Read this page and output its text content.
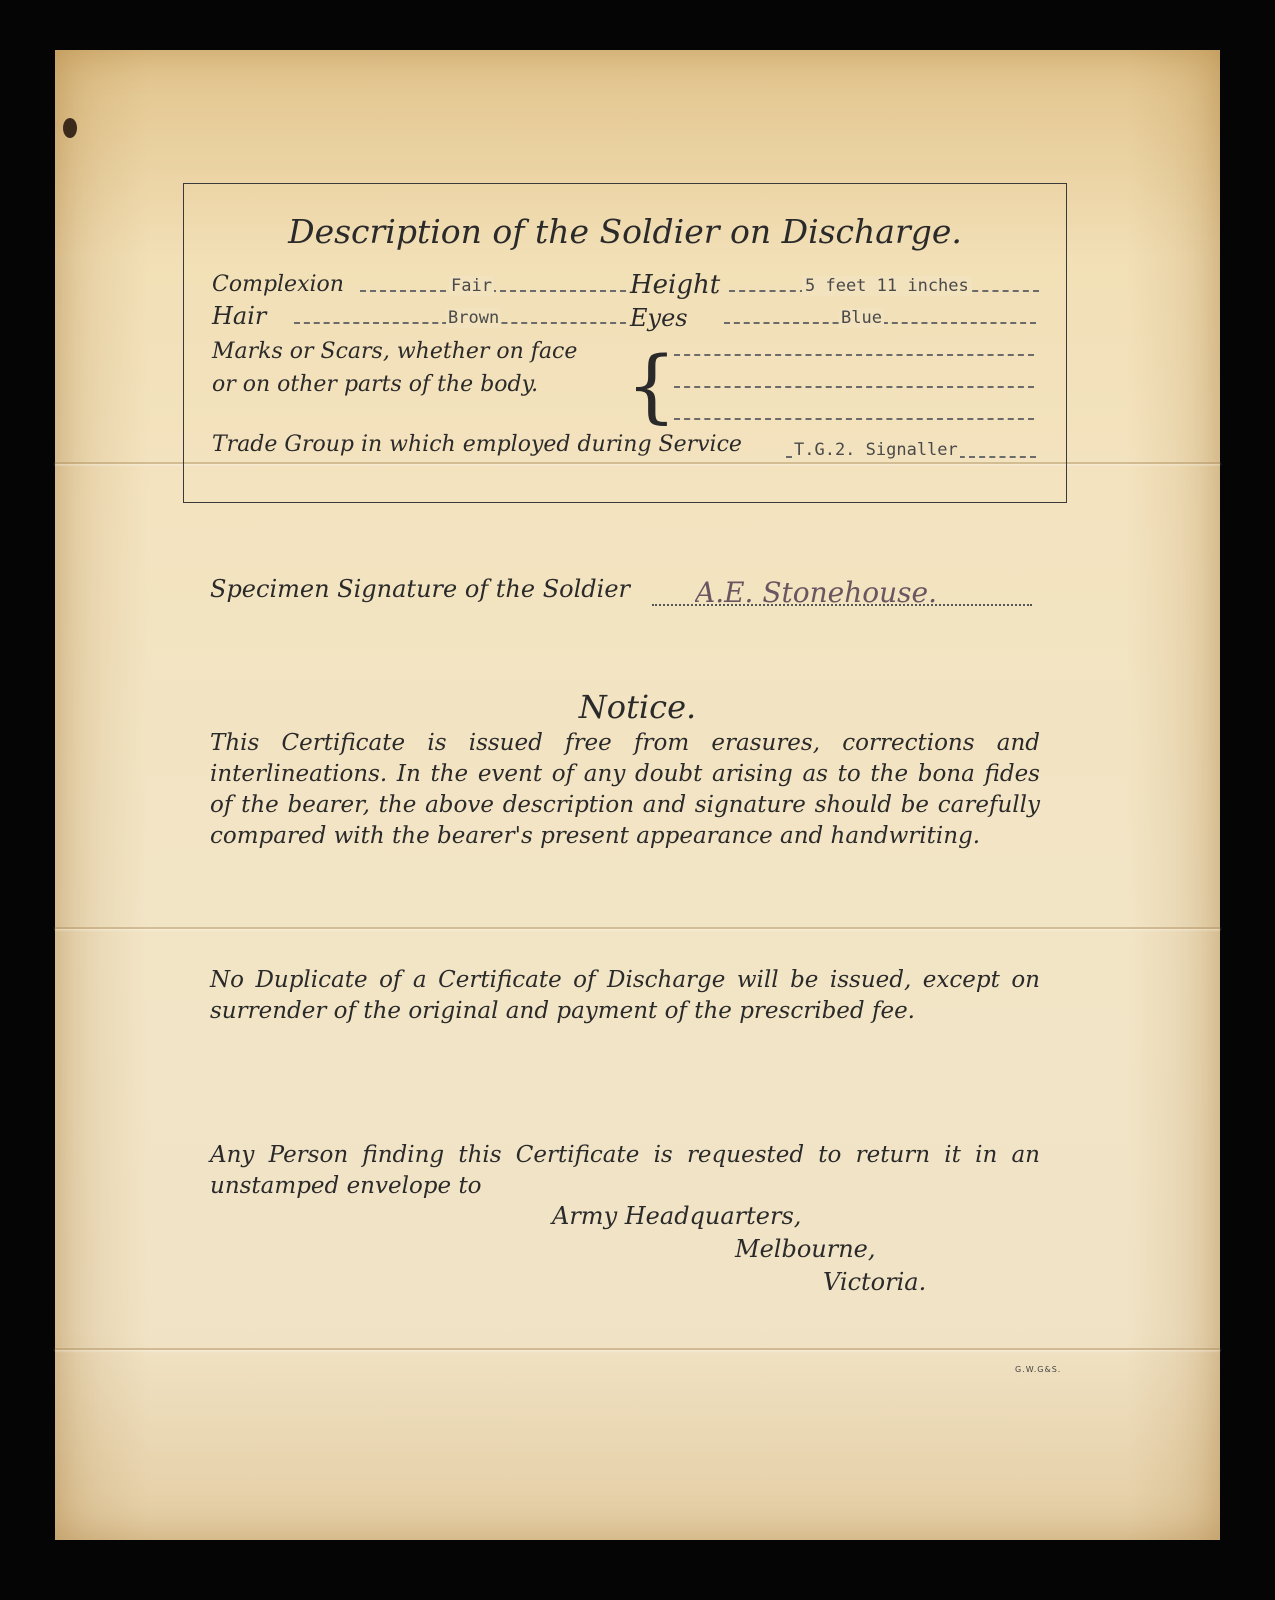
Description of the Soldier on Discharge.
Complexion	Fair	Height	5 feet 11 inches
Hair	Brown	Eyes	Blue
Marks or Scars, whether on face
or on other parts of the body. {
Trade Group in which employed during Service	T.G.2. Signaller
Specimen Signature of the Soldier A.E. Stonehouse.
Notice.
This Certificate is issued free from erasures, corrections and interlineations. In the event of any doubt arising as to the bona fides of the bearer, the above description and signature should be carefully compared with the bearer's present appearance and handwriting.
No Duplicate of a Certificate of Discharge will be issued, except on surrender of the original and payment of the prescribed fee.
Any Person finding this Certificate is requested to return it in an unstamped envelope to
Army Headquarters,
Melbourne,
Victoria.
G.W.G&S.
